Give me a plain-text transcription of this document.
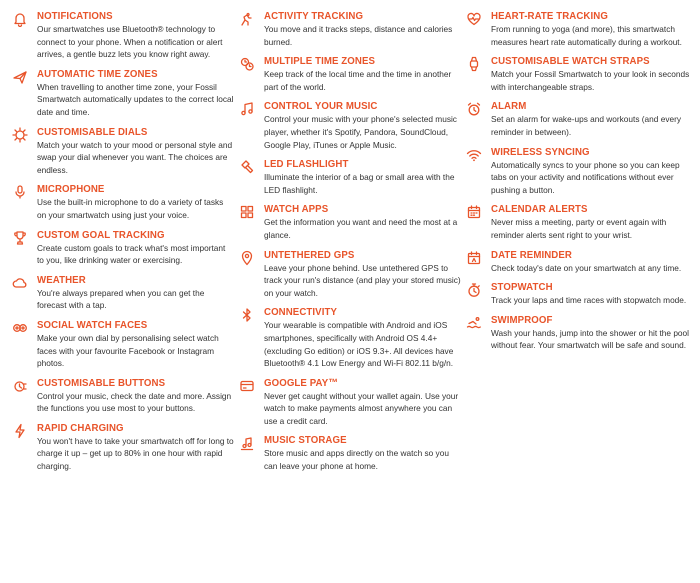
NOTIFICATIONS
Our smartwatches use Bluetooth® technology to connect to your phone. When a notification or alert arrives, a gentle buzz lets you know right away.
AUTOMATIC TIME ZONES
When travelling to another time zone, your Fossil Smartwatch automatically updates to the correct local date and time.
CUSTOMISABLE DIALS
Match your watch to your mood or personal style and swap your dial whenever you want. The choices are endless.
MICROPHONE
Use the built-in microphone to do a variety of tasks on your smartwatch using just your voice.
CUSTOM GOAL TRACKING
Create custom goals to track what's most important to you, like drinking water or exercising.
WEATHER
You're always prepared when you can get the forecast with a tap.
SOCIAL WATCH FACES
Make your own dial by personalising select watch faces with your favourite Facebook or Instagram photos.
CUSTOMISABLE BUTTONS
Control your music, check the date and more. Assign the functions you use most to your buttons.
RAPID CHARGING
You won't have to take your smartwatch off for long to charge it up – get up to 80% in one hour with rapid charging.
ACTIVITY TRACKING
You move and it tracks steps, distance and calories burned.
MULTIPLE TIME ZONES
Keep track of the local time and the time in another part of the world.
CONTROL YOUR MUSIC
Control your music with your phone's selected music player, whether it's Spotify, Pandora, SoundCloud, Google Play, iTunes or Apple Music.
LED FLASHLIGHT
Illuminate the interior of a bag or small area with the LED flashlight.
WATCH APPS
Get the information you want and need the most at a glance.
UNTETHERED GPS
Leave your phone behind. Use untethered GPS to track your run's distance (and play your stored music) on your watch.
CONNECTIVITY
Your wearable is compatible with Android and iOS smartphones, specifically with Android OS 4.4+ (excluding Go edition) or iOS 9.3+. All devices have Bluetooth® 4.1 Low Energy and Wi-Fi 802.11 b/g/n.
GOOGLE PAY™
Never get caught without your wallet again. Use your watch to make payments almost anywhere you can use a credit card.
MUSIC STORAGE
Store music and apps directly on the watch so you can leave your phone at home.
HEART-RATE TRACKING
From running to yoga (and more), this smartwatch measures heart rate automatically during a workout.
CUSTOMISABLE WATCH STRAPS
Match your Fossil Smartwatch to your look in seconds with interchangeable straps.
ALARM
Set an alarm for wake-ups and workouts (and every reminder in between).
WIRELESS SYNCING
Automatically syncs to your phone so you can keep tabs on your activity and notifications without ever pushing a button.
CALENDAR ALERTS
Never miss a meeting, party or event again with reminder alerts sent right to your wrist.
DATE REMINDER
Check today's date on your smartwatch at any time.
STOPWATCH
Track your laps and time races with stopwatch mode.
SWIMPROOF
Wash your hands, jump into the shower or hit the pool without fear. Your smartwatch will be safe and sound.
